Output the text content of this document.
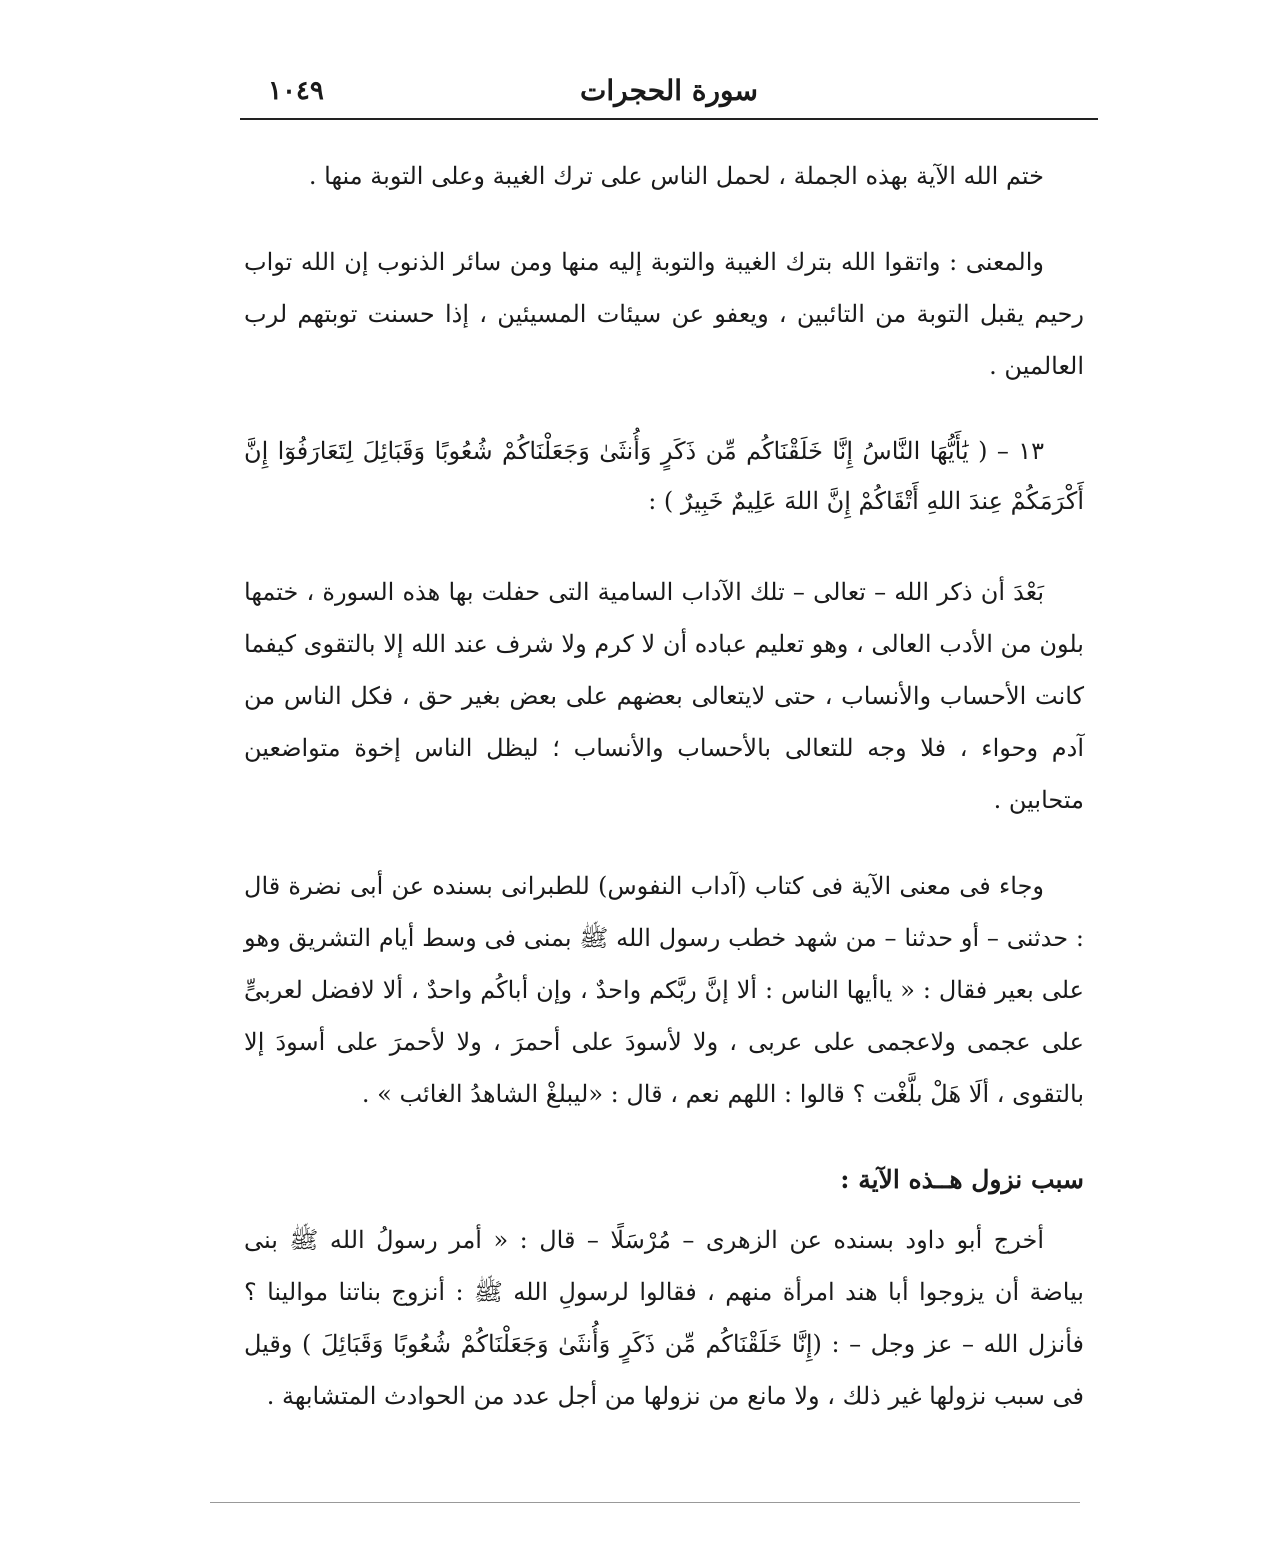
سورة الحجرات
١٠٤٩

ختم الله الآية بهذه الجملة ، لحمل الناس على ترك الغيبة وعلى التوبة منها .

والمعنى : واتقوا الله بترك الغيبة والتوبة إليه منها ومن سائر الذنوب إن الله تواب رحيم يقبل التوبة من التائبين ، ويعفو عن سيئات المسيئين ، إذا حسنت توبتهم لرب العالمين .

١٣ – ( يَٰأَيُّهَا النَّاسُ إِنَّا خَلَقْنَاكُم مِّن ذَكَرٍ وَأُنثَىٰ وَجَعَلْنَاكُمْ شُعُوبًا وَقَبَائِلَ لِتَعَارَفُوٓا إِنَّ أَكْرَمَكُمْ عِندَ اللهِ أَتْقَاكُمْ إِنَّ اللهَ عَلِيمٌ خَبِيرٌ ) :

بَعْدَ أن ذكر الله – تعالى – تلك الآداب السامية التى حفلت بها هذه السورة ، ختمها بلون من الأدب العالى ، وهو تعليم عباده أن لا كرم ولا شرف عند الله إلا بالتقوى كيفما كانت الأحساب والأنساب ، حتى لايتعالى بعضهم على بعض بغير حق ، فكل الناس من آدم وحواء ، فلا وجه للتعالى بالأحساب والأنساب ؛ ليظل الناس إخوة متواضعين متحابين .

وجاء فى معنى الآية فى كتاب (آداب النفوس) للطبرانى بسنده عن أبى نضرة قال : حدثنى – أو حدثنا – من شهد خطب رسول الله ﷺ بمنى فى وسط أيام التشريق وهو على بعير فقال : « ياأيها الناس : ألا إنَّ ربَّكم واحدٌ ، وإن أباكُم واحدٌ ، ألا لافضل لعربىٍّ على عجمى ولاعجمى على عربى ، ولا لأسودَ على أحمرَ ، ولا لأحمرَ على أسودَ إلا بالتقوى ، ألَا هَلْ بلَّغْت ؟ قالوا : اللهم نعم ، قال : «ليبلغْ الشاهدُ الغائب » .

سبب نزول هــذه الآية :

أخرج أبو داود بسنده عن الزهرى – مُرْسَلًا – قال : « أمر رسولُ الله ﷺ بنى بياضة أن يزوجوا أبا هند امرأة منهم ، فقالوا لرسولِ الله ﷺ : أنزوج بناتنا موالينا ؟ فأنزل الله – عز وجل – : (إِنَّا خَلَقْنَاكُم مِّن ذَكَرٍ وَأُنثَىٰ وَجَعَلْنَاكُمْ شُعُوبًا وَقَبَائِلَ ) وقيل فى سبب نزولها غير ذلك ، ولا مانع من نزولها من أجل عدد من الحوادث المتشابهة .
